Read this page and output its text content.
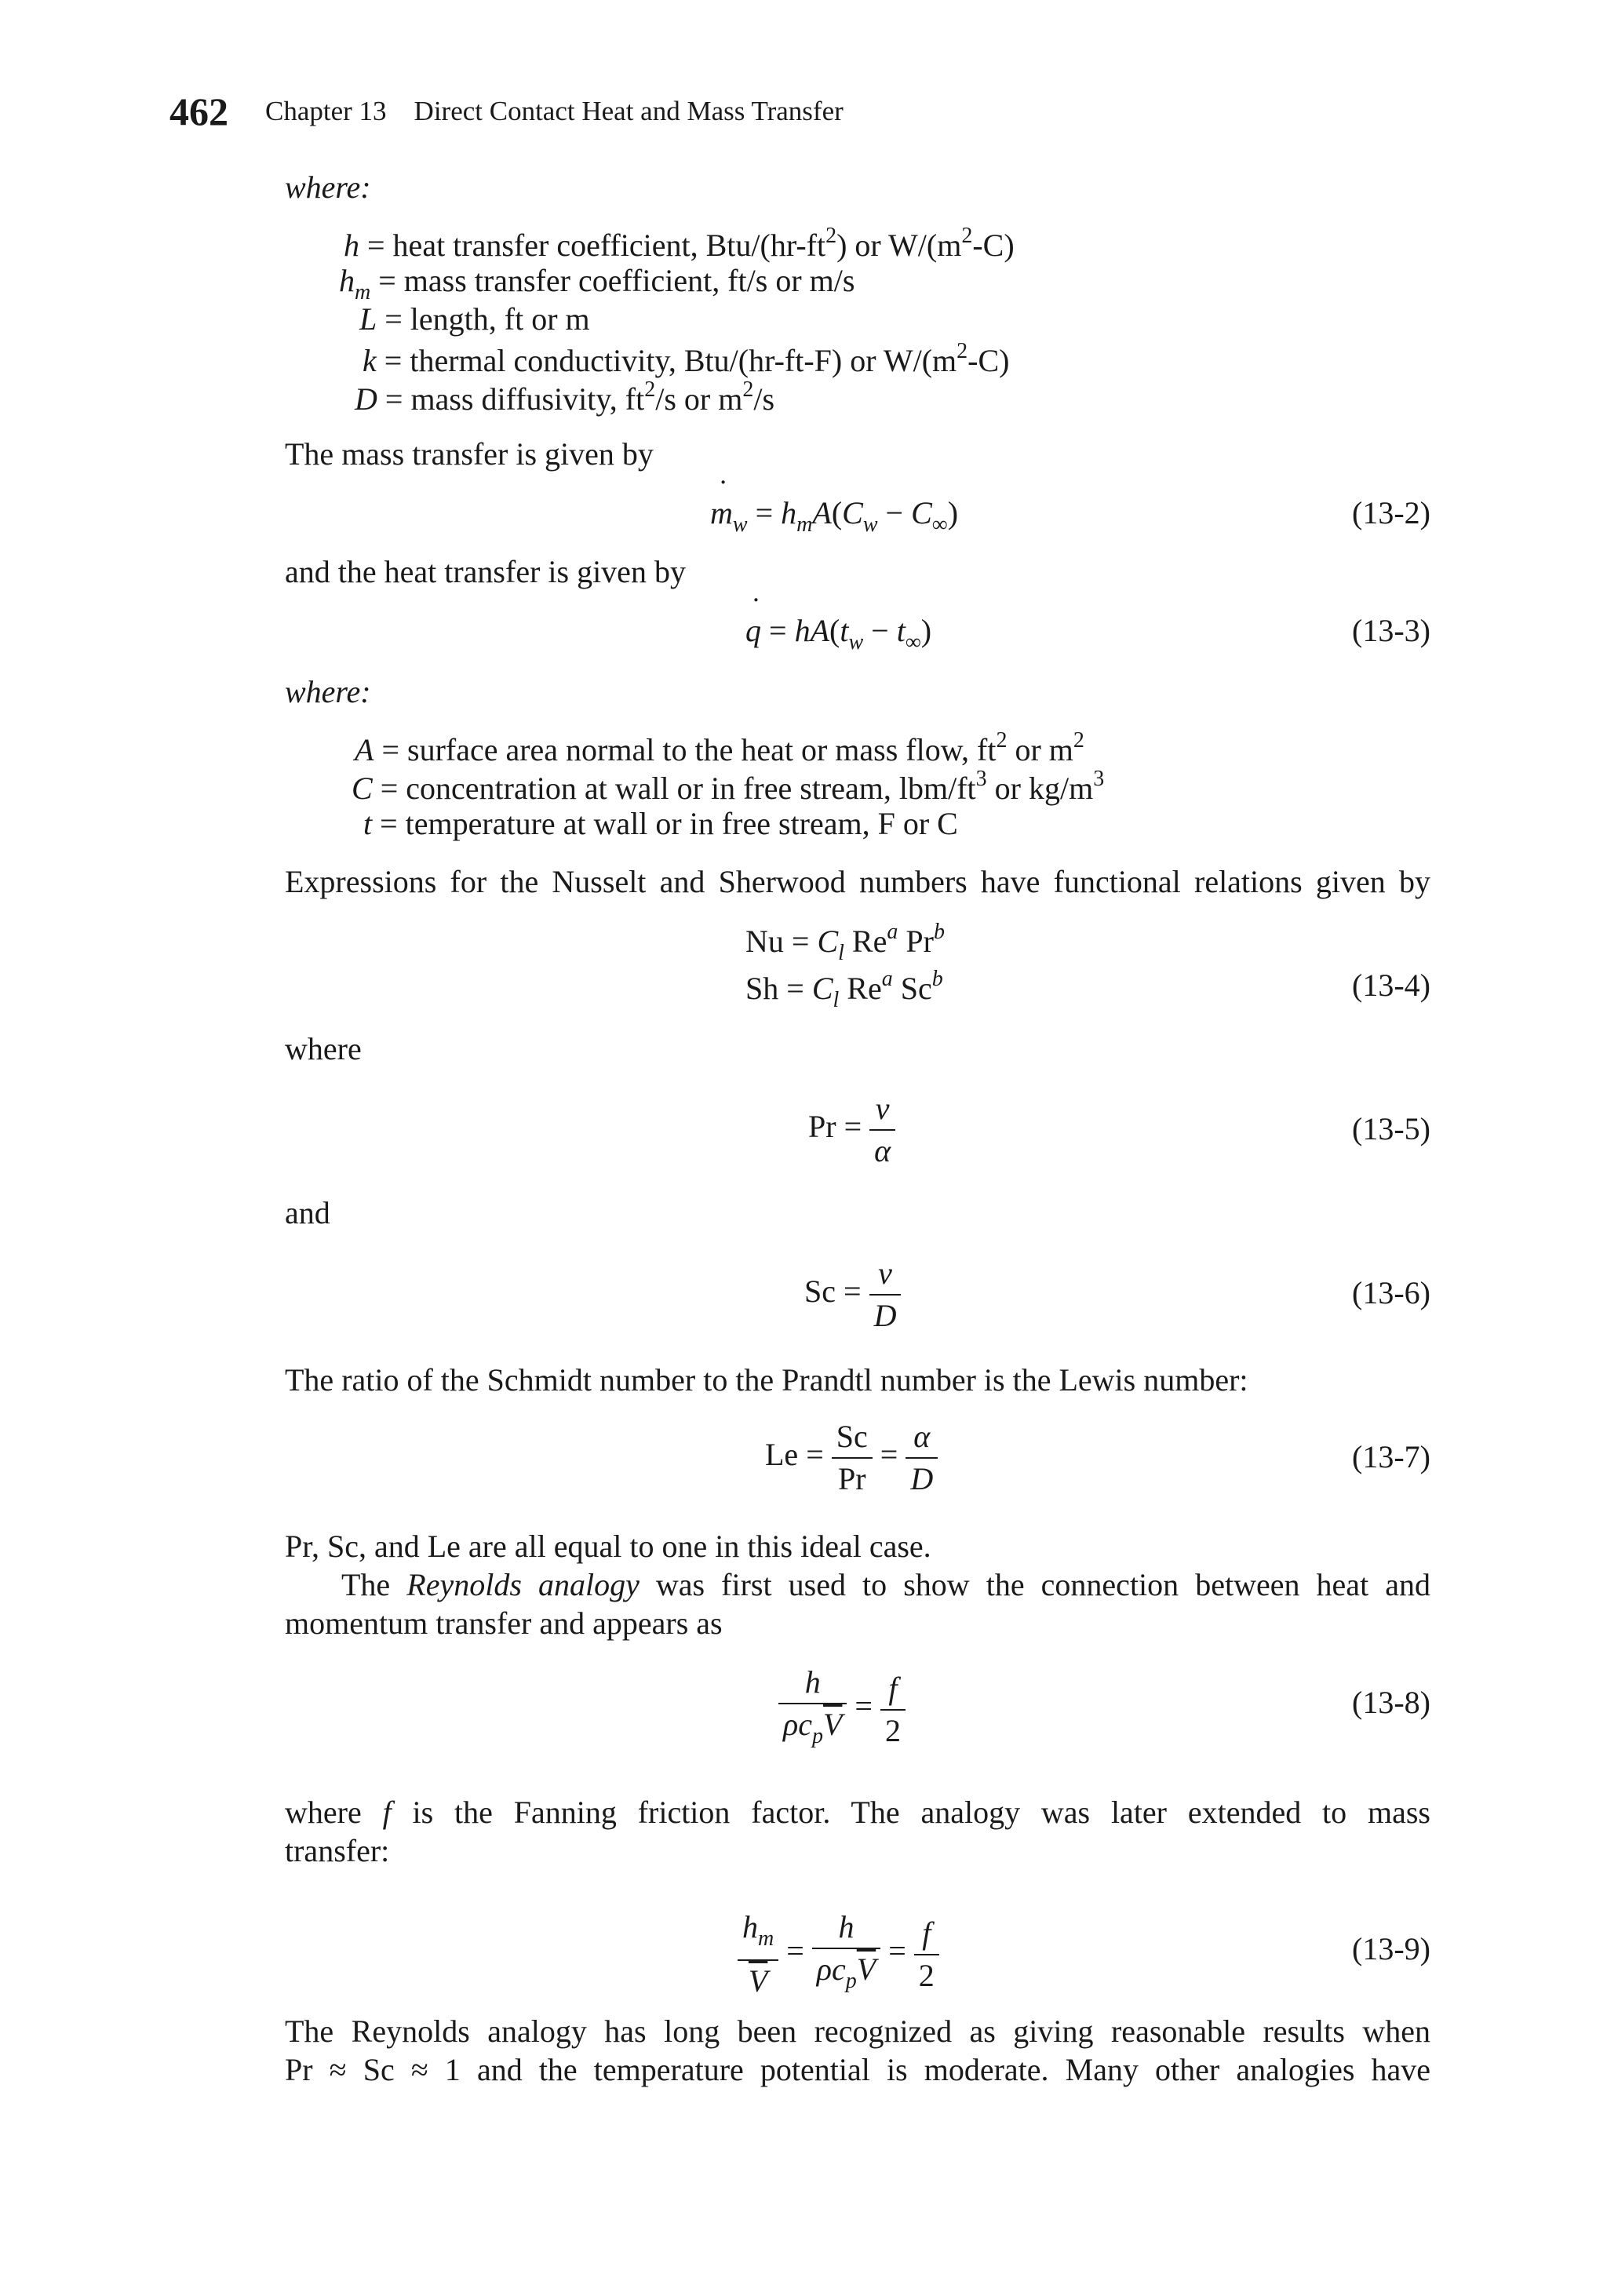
462 Chapter 13    Direct Contact Heat and Mass Transfer
where:
h = heat transfer coefficient, Btu/$(hr-ft^2)$ or $W/(m^2-C)$
$h_m$ = mass transfer coefficient, ft/s or m/s
L = length, ft or m
k = thermal conductivity, Btu/(hr-ft-F) or $W/(m^2-C)$
D = mass diffusivity, $ft^2/s$ or $m^2/s$
The mass transfer is given by
m $˙_w = h_mA(C_w - C_\infty)$	(13-2)
and the heat transfer is given by
q ˙ = $hA(t_w - t_\infty)$	(13-3)
where:
A = surface area normal to the heat or mass flow, $ft^2$ or $m^2$
C = concentration at wall or in free stream, lbm/$ft^3$ or $kg/m^3$
t = temperature at wall or in free stream, F or C
Expressions for the Nusselt and Sherwood numbers have functional relations given by
$Nu = C_l$ Re$^a$ Pr$^b$
$Sh = C_l$ Re$^a$ Sc$^b$	(13-4)
where
$Pr = \frac{v}{\alpha}$	(13-5)
and
$Sc = \frac{v}{D}$	(13-6)
The ratio of the Schmidt number to the Prandtl number is the Lewis number:
$Le = \frac{Sc}{Pr} = \frac{\alpha}{D}$	(13-7)
Pr, Sc, and Le are all equal to one in this ideal case.
The Reynolds analogy was first used to show the connection between heat and
momentum transfer and appears as
$\frac{h}{\rho c_p\overline{V}} = \frac{f}{2}$	(13-8)
where f is the Fanning friction factor. The analogy was later extended to mass
transfer:
$\frac{h_m}{V} = \frac{h}{\rho c_p\overline{V}} = \frac{f}{2}$	(13-9)
The Reynolds analogy has long been recognized as giving reasonable results when
Pr ≈ Sc ≈ 1 and the temperature potential is moderate. Many other analogies have
